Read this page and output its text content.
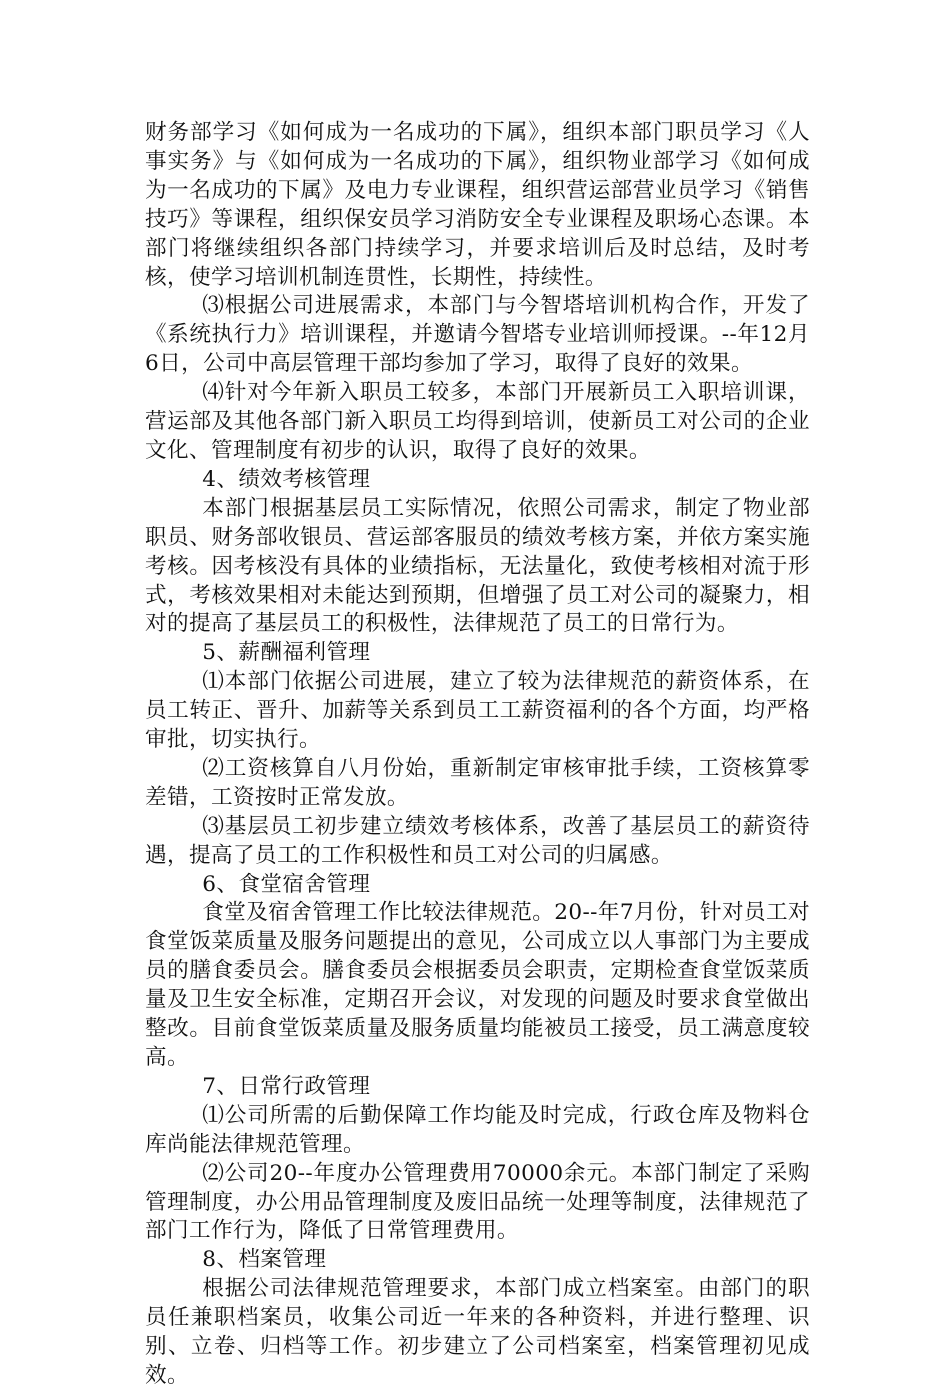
财务部学习《如何成为一名成功的下属》，组织本部门职员学习《人事实务》与《如何成为一名成功的下属》，组织物业部学习《如何成为一名成功的下属》及电力专业课程，组织营运部营业员学习《销售技巧》等课程，组织保安员学习消防安全专业课程及职场心态课。本部门将继续组织各部门持续学习，并要求培训后及时总结，及时考核，使学习培训机制连贯性，长期性，持续性。

⑶根据公司进展需求，本部门与今智塔培训机构合作，开发了《系统执行力》培训课程，并邀请今智塔专业培训师授课。--年12月6日，公司中高层管理干部均参加了学习，取得了良好的效果。

⑷针对今年新入职员工较多，本部门开展新员工入职培训课，营运部及其他各部门新入职员工均得到培训，使新员工对公司的企业文化、管理制度有初步的认识，取得了良好的效果。

4、绩效考核管理

本部门根据基层员工实际情况，依照公司需求，制定了物业部职员、财务部收银员、营运部客服员的绩效考核方案，并依方案实施考核。因考核没有具体的业绩指标，无法量化，致使考核相对流于形式，考核效果相对未能达到预期，但增强了员工对公司的凝聚力，相对的提高了基层员工的积极性，法律规范了员工的日常行为。

5、薪酬福利管理

⑴本部门依据公司进展，建立了较为法律规范的薪资体系，在员工转正、晋升、加薪等关系到员工工薪资福利的各个方面，均严格审批，切实执行。

⑵工资核算自八月份始，重新制定审核审批手续，工资核算零差错，工资按时正常发放。

⑶基层员工初步建立绩效考核体系，改善了基层员工的薪资待遇，提高了员工的工作积极性和员工对公司的归属感。

6、食堂宿舍管理

食堂及宿舍管理工作比较法律规范。20--年7月份，针对员工对食堂饭菜质量及服务问题提出的意见，公司成立以人事部门为主要成员的膳食委员会。膳食委员会根据委员会职责，定期检查食堂饭菜质量及卫生安全标准，定期召开会议，对发现的问题及时要求食堂做出整改。目前食堂饭菜质量及服务质量均能被员工接受，员工满意度较高。

7、日常行政管理

⑴公司所需的后勤保障工作均能及时完成，行政仓库及物料仓库尚能法律规范管理。

⑵公司20--年度办公管理费用70000余元。本部门制定了采购管理制度，办公用品管理制度及废旧品统一处理等制度，法律规范了部门工作行为，降低了日常管理费用。

8、档案管理

根据公司法律规范管理要求，本部门成立档案室。由部门的职员任兼职档案员，收集公司近一年来的各种资料，并进行整理、识别、立卷、归档等工作。初步建立了公司档案室，档案管理初见成效。
